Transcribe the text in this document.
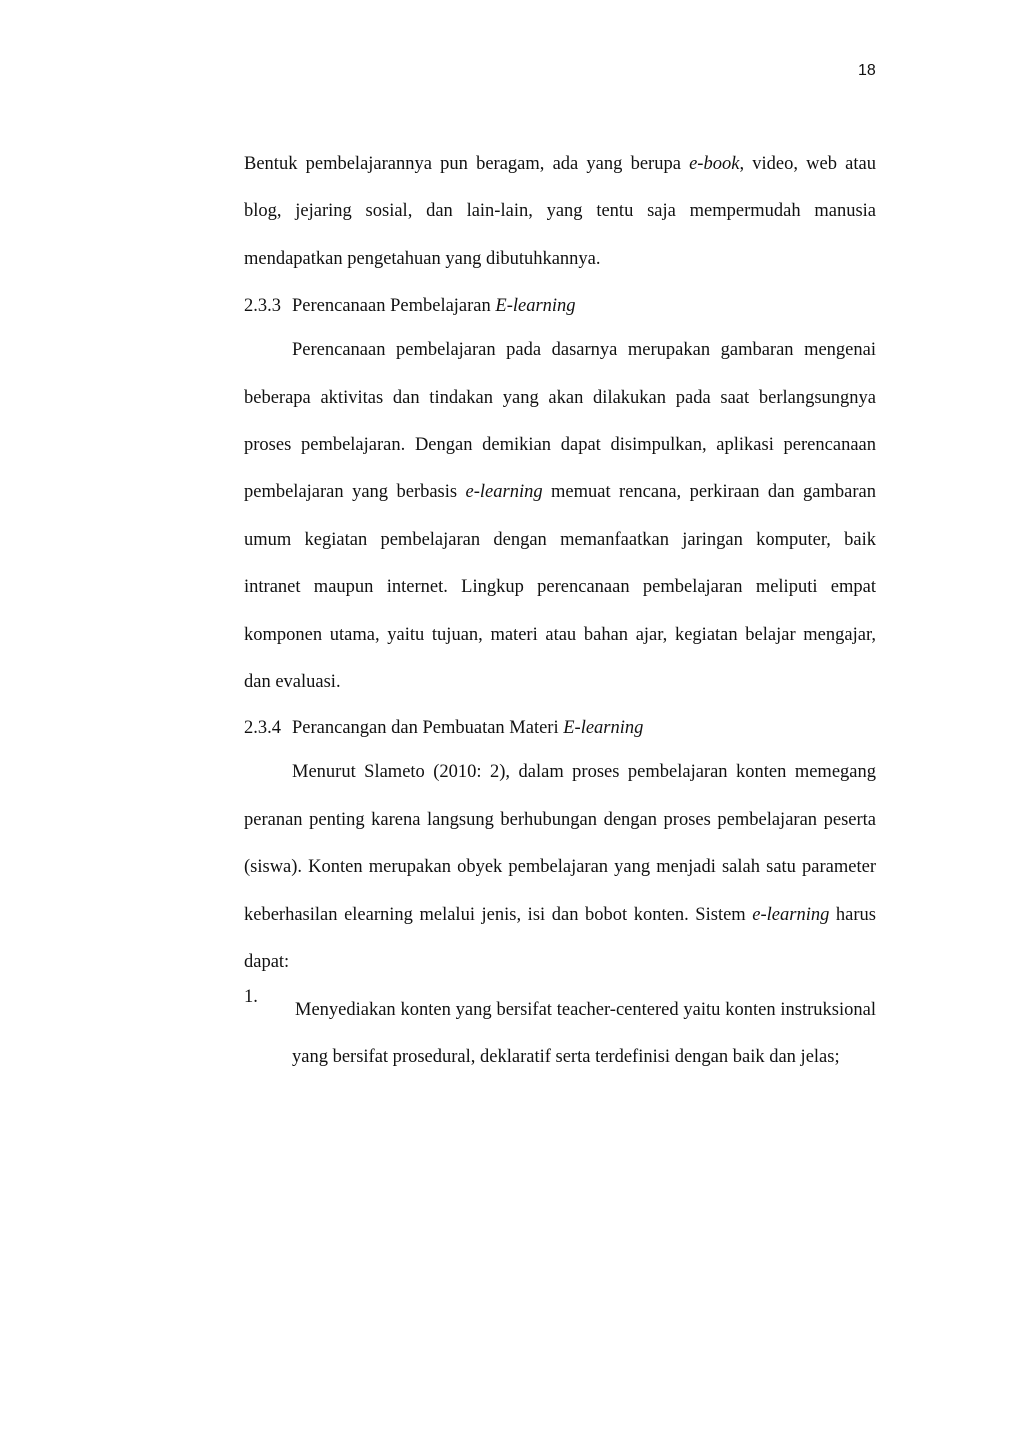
18

Bentuk pembelajarannya pun beragam, ada yang berupa e-book, video, web atau blog, jejaring sosial, dan lain-lain, yang tentu saja mempermudah manusia mendapatkan pengetahuan yang dibutuhkannya.

2.3.3 Perencanaan Pembelajaran E-learning

Perencanaan pembelajaran pada dasarnya merupakan gambaran mengenai beberapa aktivitas dan tindakan yang akan dilakukan pada saat berlangsungnya proses pembelajaran. Dengan demikian dapat disimpulkan, aplikasi perencanaan pembelajaran yang berbasis e-learning memuat rencana, perkiraan dan gambaran umum kegiatan pembelajaran dengan memanfaatkan jaringan komputer, baik intranet maupun internet. Lingkup perencanaan pembelajaran meliputi empat komponen utama, yaitu tujuan, materi atau bahan ajar, kegiatan belajar mengajar, dan evaluasi.

2.3.4 Perancangan dan Pembuatan Materi E-learning

Menurut Slameto (2010: 2), dalam proses pembelajaran konten memegang peranan penting karena langsung berhubungan dengan proses pembelajaran peserta (siswa). Konten merupakan obyek pembelajaran yang menjadi salah satu parameter keberhasilan elearning melalui jenis, isi dan bobot konten. Sistem e-learning harus dapat:

1.

Menyediakan konten yang bersifat teacher-centered yaitu konten instruksional yang bersifat prosedural, deklaratif serta terdefinisi dengan baik dan jelas;
